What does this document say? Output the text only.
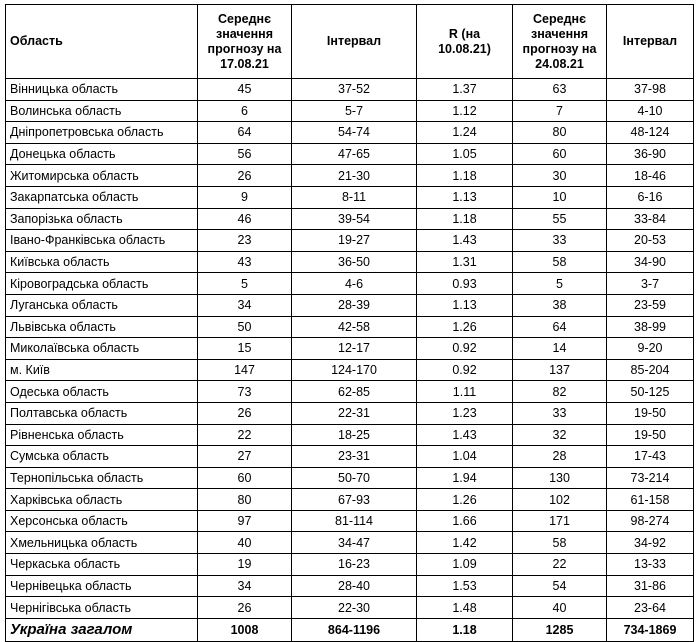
Область	Середнє значення прогнозу на 17.08.21	Інтервал	R (на 10.08.21)	Середнє значення прогнозу на 24.08.21	Інтервал
Вінницька область	45	37-52	1.37	63	37-98
Волинська область	6	5-7	1.12	7	4-10
Дніпропетровська область	64	54-74	1.24	80	48-124
Донецька область	56	47-65	1.05	60	36-90
Житомирська область	26	21-30	1.18	30	18-46
Закарпатська область	9	8-11	1.13	10	6-16
Запорізька область	46	39-54	1.18	55	33-84
Івано-Франківська область	23	19-27	1.43	33	20-53
Київська область	43	36-50	1.31	58	34-90
Кіровоградська область	5	4-6	0.93	5	3-7
Луганська область	34	28-39	1.13	38	23-59
Львівська область	50	42-58	1.26	64	38-99
Миколаївська область	15	12-17	0.92	14	9-20
м. Київ	147	124-170	0.92	137	85-204
Одеська область	73	62-85	1.11	82	50-125
Полтавська область	26	22-31	1.23	33	19-50
Рівненська область	22	18-25	1.43	32	19-50
Сумська область	27	23-31	1.04	28	17-43
Тернопільська область	60	50-70	1.94	130	73-214
Харківська область	80	67-93	1.26	102	61-158
Херсонська область	97	81-114	1.66	171	98-274
Хмельницька область	40	34-47	1.42	58	34-92
Черкаська область	19	16-23	1.09	22	13-33
Чернівецька область	34	28-40	1.53	54	31-86
Чернігівська область	26	22-30	1.48	40	23-64
Україна загалом	1008	864-1196	1.18	1285	734-1869
